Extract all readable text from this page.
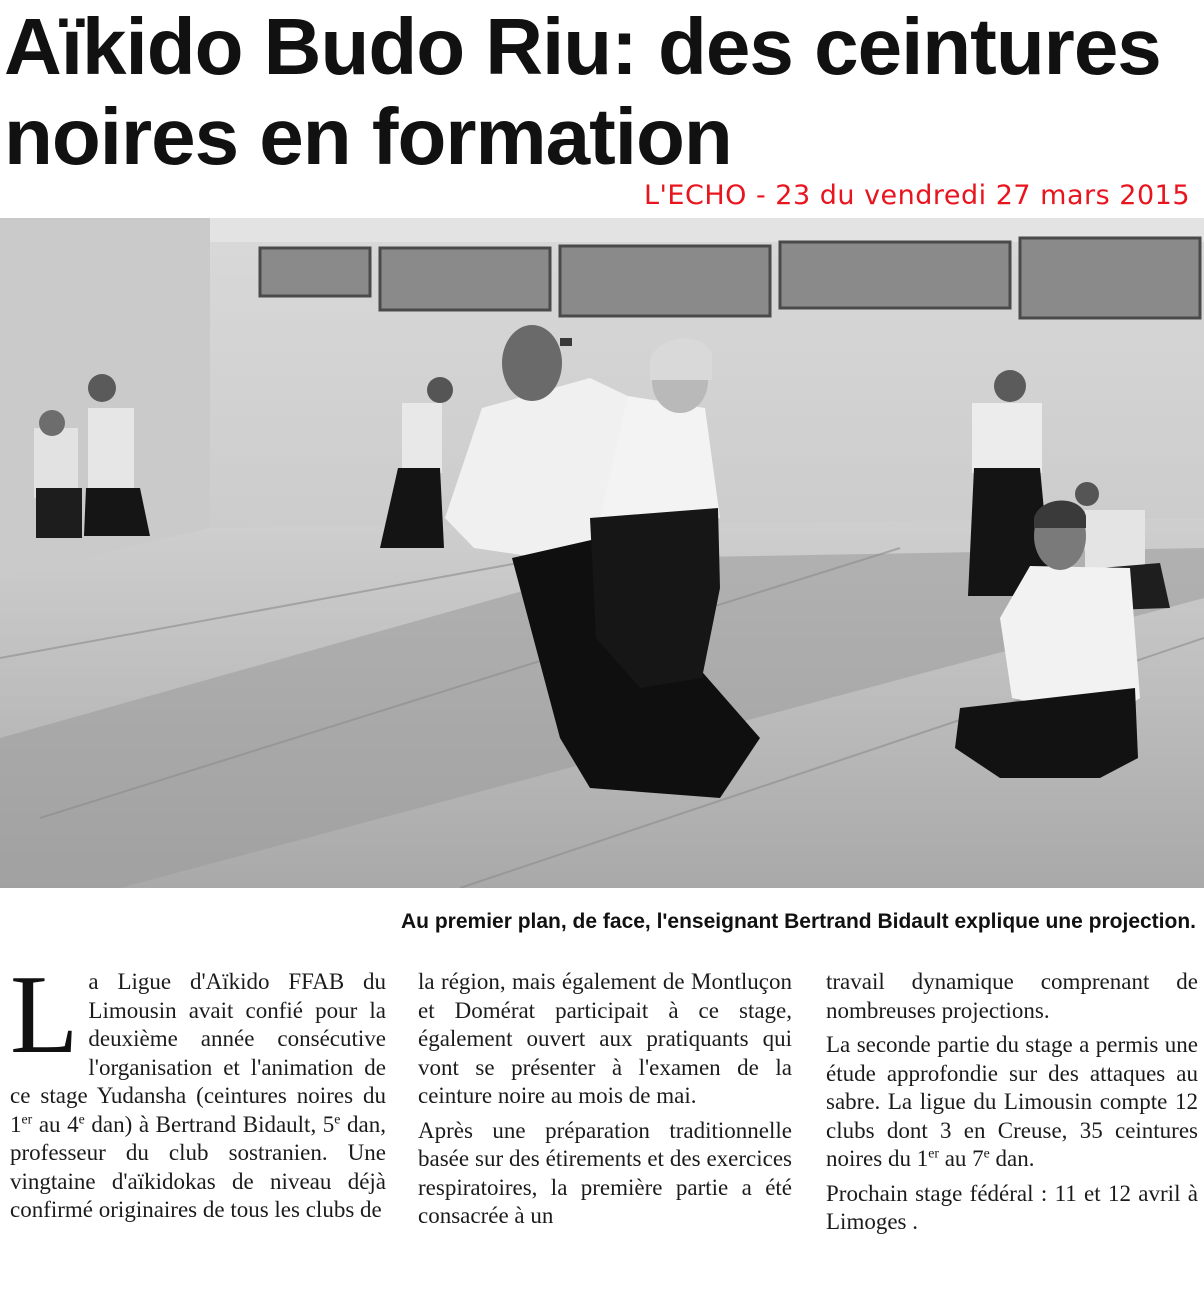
Aïkido Budo Riu: des ceintures
noires en formation
L'ECHO - 23 du vendredi 27 mars 2015
Au premier plan, de face, l'enseignant Bertrand Bidault explique une projection.

La Ligue d'Aïkido FFAB du Limousin avait confié pour la deuxième année consécutive l'organisation et l'animation de ce stage Yudansha (ceintures noires du 1er au 4e dan) à Bertrand Bidault, 5e dan, professeur du club sostranien. Une vingtaine d'aïkidokas de niveau déjà confirmé originaires de tous les clubs de

la région, mais également de Montluçon et Domérat participait à ce stage, également ouvert aux pratiquants qui vont se présenter à l'examen de la ceinture noire au mois de mai.

Après une préparation traditionnelle basée sur des étirements et des exercices respiratoires, la première partie a été consacrée à un

travail dynamique comprenant de nombreuses projections.

La seconde partie du stage a permis une étude approfondie sur des attaques au sabre. La ligue du Limousin compte 12 clubs dont 3 en Creuse, 35 ceintures noires du 1er au 7e dan.

Prochain stage fédéral : 11 et 12 avril à Limoges .
